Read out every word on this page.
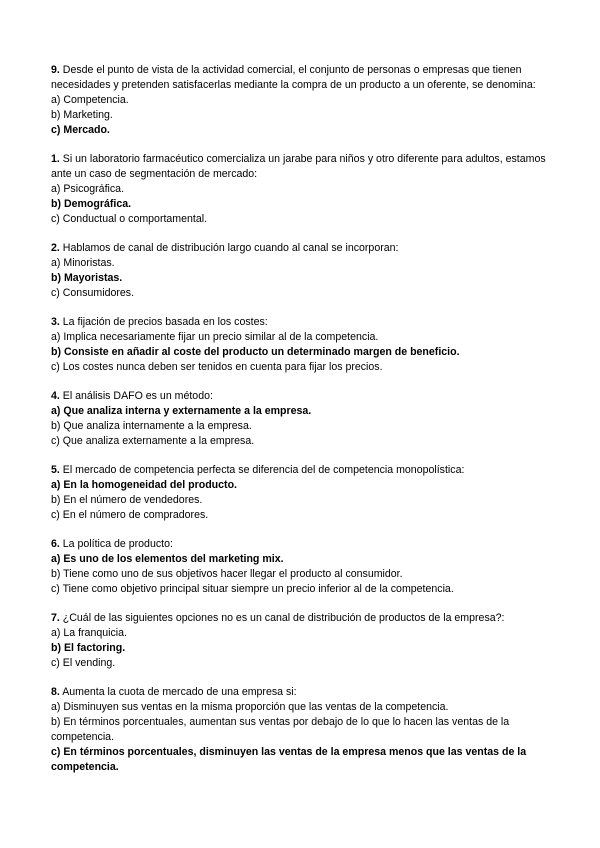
9. Desde el punto de vista de la actividad comercial, el conjunto de personas o empresas que tienen necesidades y pretenden satisfacerlas mediante la compra de un producto a un oferente, se denomina:

a) Competencia.

b) Marketing.

c) Mercado.

1. Si un laboratorio farmacéutico comercializa un jarabe para niños y otro diferente para adultos, estamos ante un caso de segmentación de mercado:

a) Psicográfica.

b) Demográfica.

c) Conductual o comportamental.

2. Hablamos de canal de distribución largo cuando al canal se incorporan:

a) Minoristas.

b) Mayoristas.

c) Consumidores.

3. La fijación de precios basada en los costes:

a) Implica necesariamente fijar un precio similar al de la competencia.

b) Consiste en añadir al coste del producto un determinado margen de beneficio.

c) Los costes nunca deben ser tenidos en cuenta para fijar los precios.

4. El análisis DAFO es un método:

a) Que analiza interna y externamente a la empresa.

b) Que analiza internamente a la empresa.

c) Que analiza externamente a la empresa.

5. El mercado de competencia perfecta se diferencia del de competencia monopolística:

a) En la homogeneidad del producto.

b) En el número de vendedores.

c) En el número de compradores.

6. La política de producto:

a) Es uno de los elementos del marketing mix.

b) Tiene como uno de sus objetivos hacer llegar el producto al consumidor.

c) Tiene como objetivo principal situar siempre un precio inferior al de la competencia.

7. ¿Cuál de las siguientes opciones no es un canal de distribución de productos de la empresa?:

a) La franquicia.

b) El factoring.

c) El vending.

8. Aumenta la cuota de mercado de una empresa si:

a) Disminuyen sus ventas en la misma proporción que las ventas de la competencia.

b) En términos porcentuales, aumentan sus ventas por debajo de lo que lo hacen las ventas de la competencia.

c) En términos porcentuales, disminuyen las ventas de la empresa menos que las ventas de la competencia.
